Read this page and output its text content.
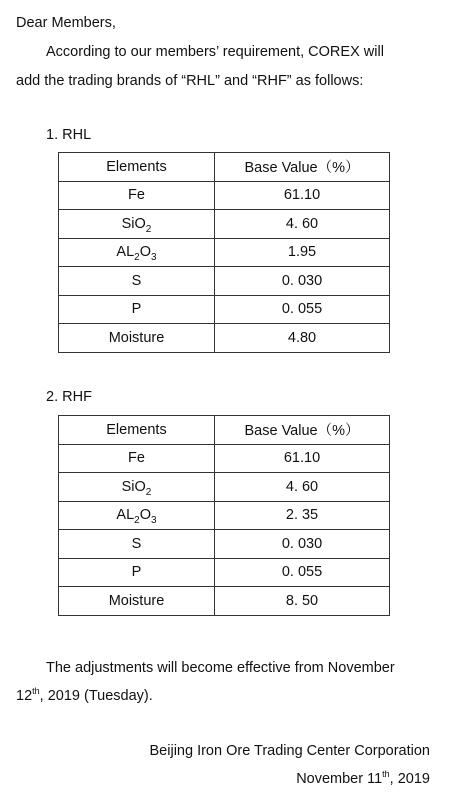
Dear Members,
According to our members’ requirement, COREX will
add the trading brands of “RHL” and “RHF” as follows:
1. RHL
Elements	Base Value（%）
Fe	61.10
SiO$_2$	4. 60
$AL_2O_3$	1.95
S	0. 030
P	0. 055
Moisture	4.80
2. RHF
Elements	Base Value（%）
Fe	61.10
SiO$_2$	4. 60
$AL_2O_3$	2. 35
S	0. 030
P	0. 055
Moisture	8. 50
The adjustments will become effective from November
12th, 2019 (Tuesday).
Beijing Iron Ore Trading Center Corporation
November 11th, 2019
